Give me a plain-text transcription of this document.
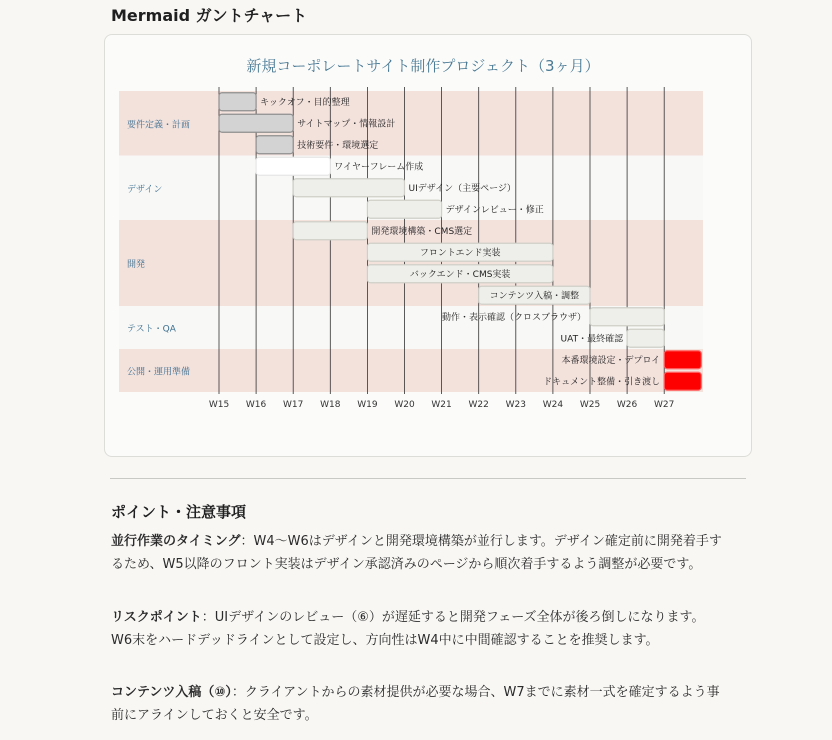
Mermaid ガントチャート
新規コーポレートサイト制作プロジェクト（3ヶ月）
要件定義・計画
デザイン
開発
テスト・QA
公開・運用準備
キックオフ・目的整理
サイトマップ・情報設計
技術要件・環境選定
ワイヤーフレーム作成
UIデザイン（主要ページ）
デザインレビュー・修正
開発環境構築・CMS選定
フロントエンド実装
バックエンド・CMS実装
コンテンツ入稿・調整
動作・表示確認（クロスブラウザ）
UAT・最終確認
本番環境設定・デプロイ
ドキュメント整備・引き渡し
W15 W16 W17 W18 W19 W20 W21 W22 W23 W24 W25 W26 W27
ポイント・注意事項
並行作業のタイミング：W4〜W6はデザインと開発環境構築が並行します。デザイン確定前に開発着手するため、W5以降のフロント実装はデザイン承認済みのページから順次着手するよう調整が必要です。
リスクポイント：UIデザインのレビュー（⑥）が遅延すると開発フェーズ全体が後ろ倒しになります。W6末をハードデッドラインとして設定し、方向性はW4中に中間確認することを推奨します。
コンテンツ入稿（⑩）：クライアントからの素材提供が必要な場合、W7までに素材一式を確定するよう事前にアラインしておくと安全です。
